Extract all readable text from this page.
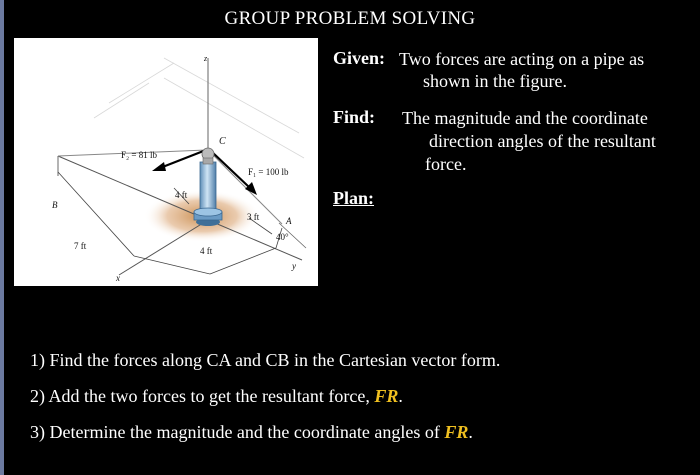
GROUP PROBLEM SOLVING
z
C
F₂ = 81 lb
F₁ = 100 lb
B
4 ft
3 ft	A
7 ft
40°
4 ft
y
x
Given: Two forces are acting on a pipe as
shown in the figure.
Find: The magnitude and the coordinate
direction angles of the resultant
force.
Plan:
1) Find the forces along CA and CB in the Cartesian vector form.
2) Add the two forces to get the resultant force, FR.
3) Determine the magnitude and the coordinate angles of FR.
